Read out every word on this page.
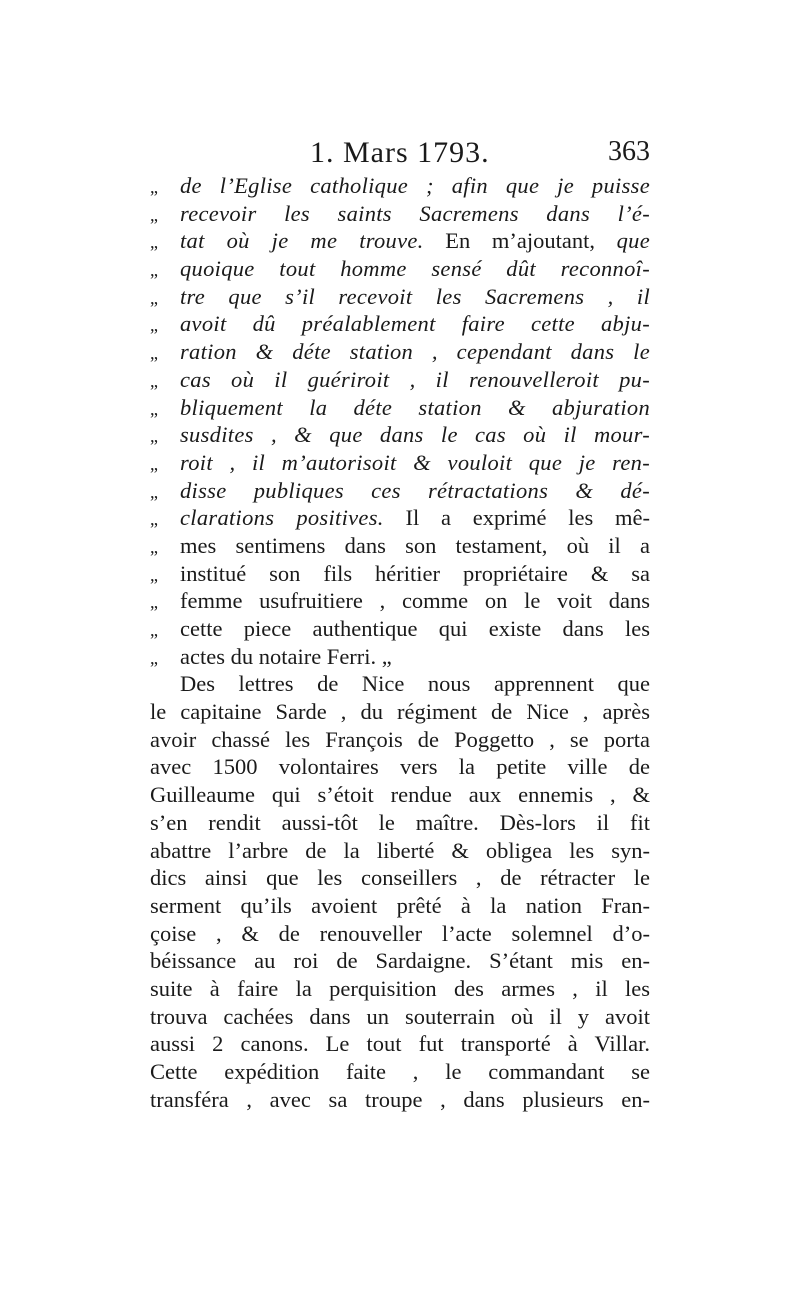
1. Mars 1793.	363
„ de l’Eglise catholique ; afin que je puisse
„ recevoir les saints Sacremens dans l’é-
„ tat où je me trouve. En m’ajoutant, que
„ quoique tout homme sensé dût reconnoî-
„ tre que s’il recevoit les Sacremens , il
„ avoit dû préalablement faire cette abju-
„ ration & déte station , cependant dans le
„ cas où il guériroit , il renouvelleroit pu-
„ bliquement la déte station & abjuration
„ susdites , & que dans le cas où il mour-
„ roit , il m’autorisoit & vouloit que je ren-
„ disse publiques ces rétractations & dé-
„ clarations positives. Il a exprimé les mê-
„ mes sentimens dans son testament, où il a
„ institué son fils héritier propriétaire & sa
„ femme usufruitiere , comme on le voit dans
„ cette piece authentique qui existe dans les
„ actes du notaire Ferri. „
Des lettres de Nice nous apprennent que
le capitaine Sarde , du régiment de Nice , après
avoir chassé les François de Poggetto , se porta
avec 1500 volontaires vers la petite ville de
Guilleaume qui s’étoit rendue aux ennemis , &
s’en rendit aussi-tôt le maître. Dès-lors il fit
abattre l’arbre de la liberté & obligea les syn-
dics ainsi que les conseillers , de rétracter le
serment qu’ils avoient prêté à la nation Fran-
çoise , & de renouveller l’acte solemnel d’o-
béissance au roi de Sardaigne. S’étant mis en-
suite à faire la perquisition des armes , il les
trouva cachées dans un souterrain où il y avoit
aussi 2 canons. Le tout fut transporté à Villar.
Cette expédition faite , le commandant se
transféra , avec sa troupe , dans plusieurs en-
